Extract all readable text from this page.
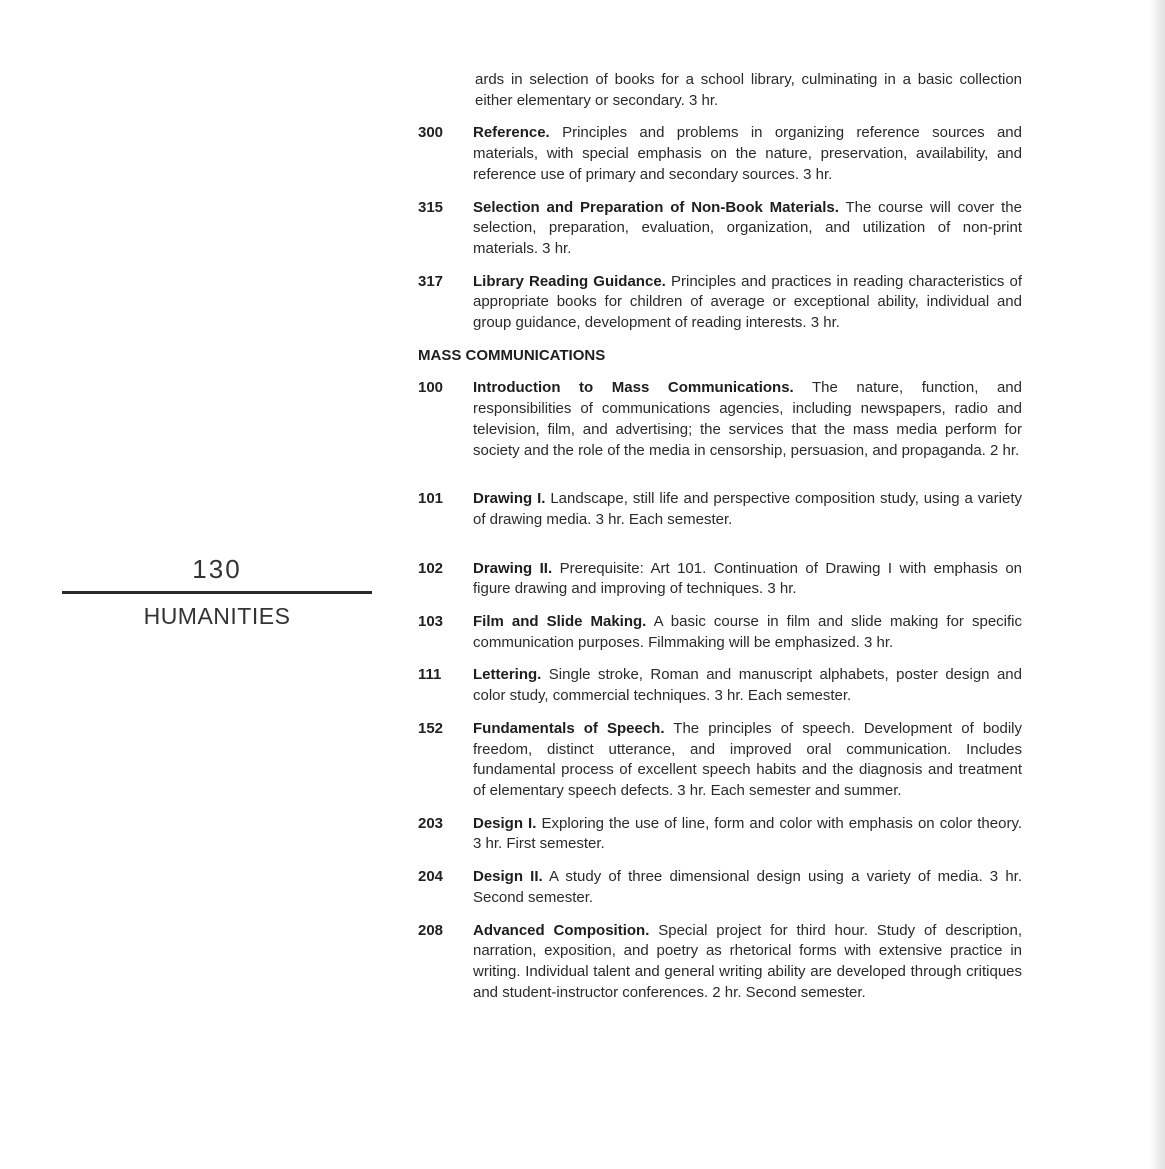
130
HUMANITIES
ards in selection of books for a school library, culminating in a basic collection either elementary or secondary. 3 hr.
300	Reference. Principles and problems in organizing reference sources and materials, with special emphasis on the nature, preservation, availability, and reference use of primary and secondary sources. 3 hr.
315	Selection and Preparation of Non-Book Materials. The course will cover the selection, preparation, evaluation, organization, and utilization of non-print materials. 3 hr.
317	Library Reading Guidance. Principles and practices in reading characteristics of appropriate books for children of average or exceptional ability, individual and group guidance, development of reading interests. 3 hr.
MASS COMMUNICATIONS
100	Introduction to Mass Communications. The nature, function, and responsibilities of communications agencies, including newspapers, radio and television, film, and advertising; the services that the mass media perform for society and the role of the media in censorship, persuasion, and propaganda. 2 hr.
101	Drawing I. Landscape, still life and perspective composition study, using a variety of drawing media. 3 hr. Each semester.
102	Drawing II. Prerequisite: Art 101. Continuation of Drawing I with emphasis on figure drawing and improving of techniques. 3 hr.
103	Film and Slide Making. A basic course in film and slide making for specific communication purposes. Filmmaking will be emphasized. 3 hr.
111	Lettering. Single stroke, Roman and manuscript alphabets, poster design and color study, commercial techniques. 3 hr. Each semester.
152	Fundamentals of Speech. The principles of speech. Development of bodily freedom, distinct utterance, and improved oral communication. Includes fundamental process of excellent speech habits and the diagnosis and treatment of elementary speech defects. 3 hr. Each semester and summer.
203	Design I. Exploring the use of line, form and color with emphasis on color theory. 3 hr. First semester.
204	Design II. A study of three dimensional design using a variety of media. 3 hr. Second semester.
208	Advanced Composition. Special project for third hour. Study of description, narration, exposition, and poetry as rhetorical forms with extensive practice in writing. Individual talent and general writing ability are developed through critiques and student-instructor conferences. 2 hr. Second semester.
